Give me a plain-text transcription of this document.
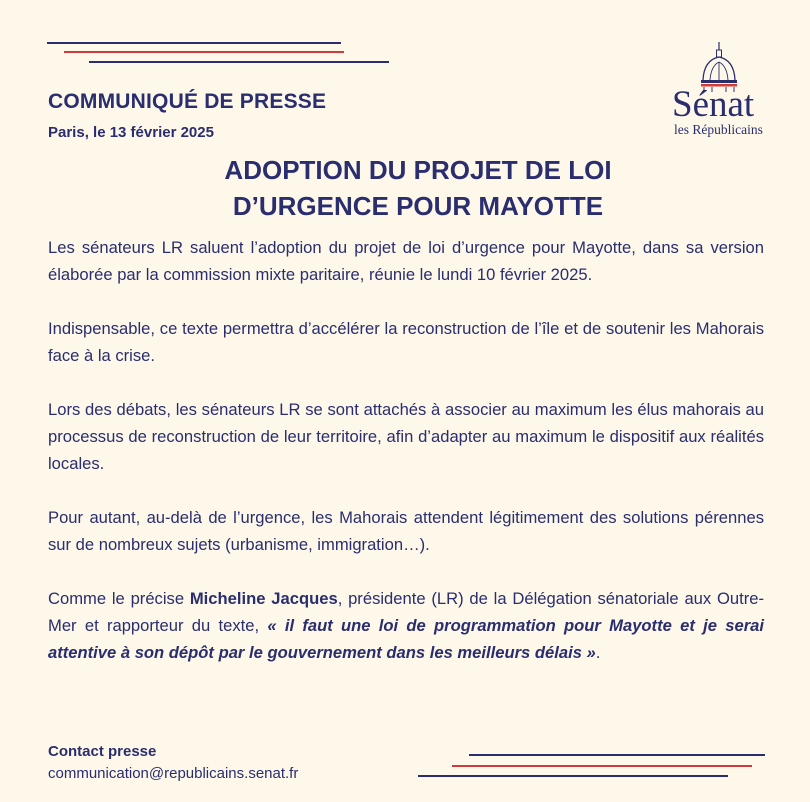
Sénat
les Républicains
COMMUNIQUÉ DE PRESSE
Paris, le 13 février 2025
ADOPTION DU PROJET DE LOI
D’URGENCE POUR MAYOTTE

Les sénateurs LR saluent l’adoption du projet de loi d’urgence pour Mayotte, dans sa version élaborée par la commission mixte paritaire, réunie le lundi 10 février 2025.

Indispensable, ce texte permettra d’accélérer la reconstruction de l’île et de soutenir les Mahorais face à la crise.

Lors des débats, les sénateurs LR se sont attachés à associer au maximum les élus mahorais au processus de reconstruction de leur territoire, afin d’adapter au maximum le dispositif aux réalités locales.

Pour autant, au-delà de l’urgence, les Mahorais attendent légitimement des solutions pérennes sur de nombreux sujets (urbanisme, immigration…).

Comme le précise Micheline Jacques, présidente (LR) de la Délégation sénatoriale aux Outre-Mer et rapporteur du texte, « il faut une loi de programmation pour Mayotte et je serai attentive à son dépôt par le gouvernement dans les meilleurs délais ».

Contact presse
communication@republicains.senat.fr
